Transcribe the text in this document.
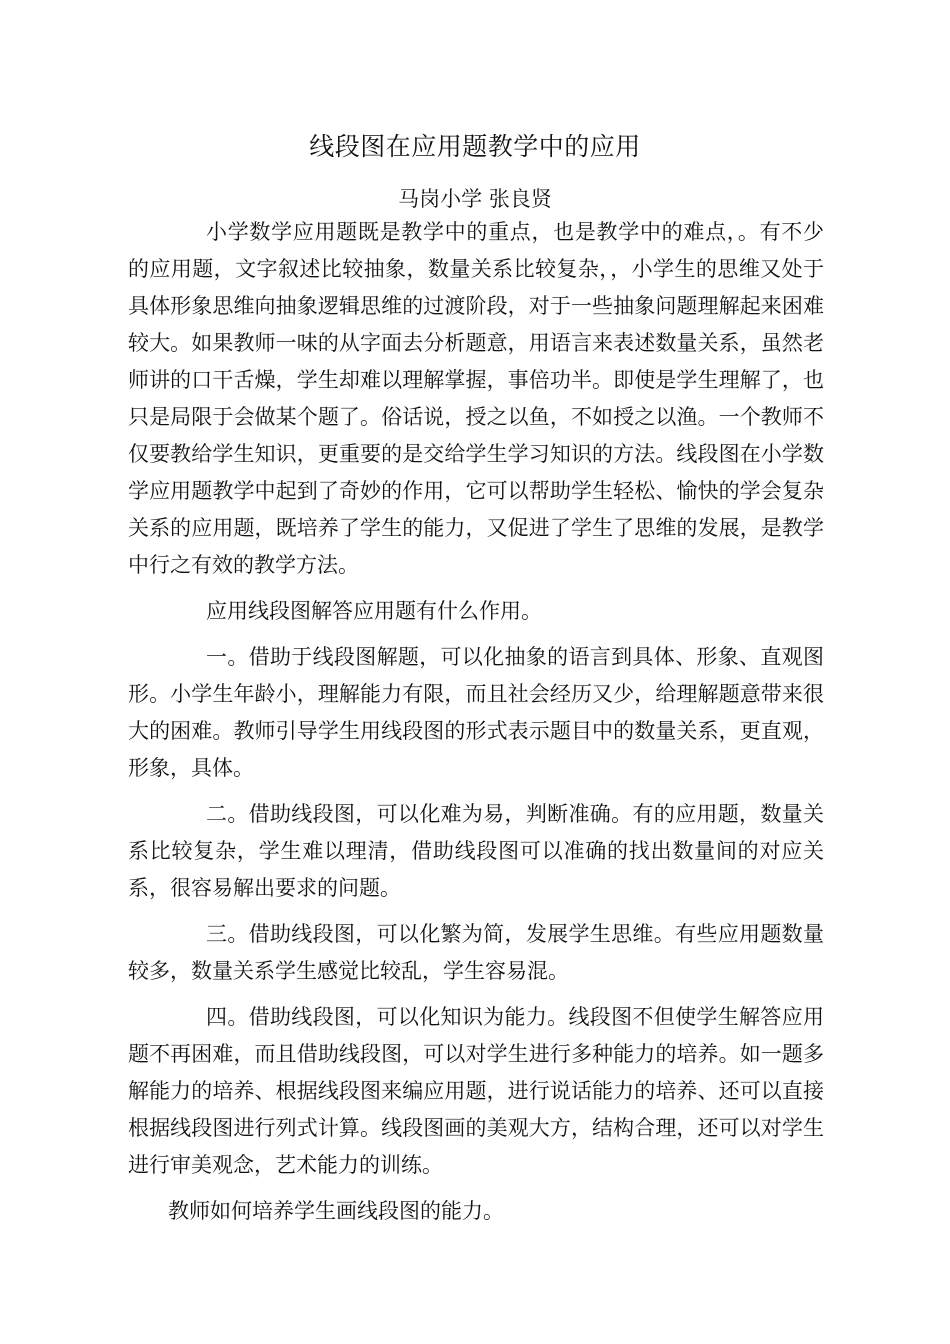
线段图在应用题教学中的应用
马岗小学 张良贤

小学数学应用题既是教学中的重点，也是教学中的难点，。有不少的应用题，文字叙述比较抽象，数量关系比较复杂，，小学生的思维又处于具体形象思维向抽象逻辑思维的过渡阶段，对于一些抽象问题理解起来困难较大。如果教师一味的从字面去分析题意，用语言来表述数量关系，虽然老师讲的口干舌燥，学生却难以理解掌握，事倍功半。即使是学生理解了，也只是局限于会做某个题了。俗话说，授之以鱼，不如授之以渔。一个教师不仅要教给学生知识，更重要的是交给学生学习知识的方法。线段图在小学数学应用题教学中起到了奇妙的作用，它可以帮助学生轻松、愉快的学会复杂关系的应用题，既培养了学生的能力，又促进了学生了思维的发展，是教学中行之有效的教学方法。

应用线段图解答应用题有什么作用。

一。借助于线段图解题，可以化抽象的语言到具体、形象、直观图形。小学生年龄小，理解能力有限，而且社会经历又少，给理解题意带来很大的困难。教师引导学生用线段图的形式表示题目中的数量关系，更直观，形象，具体。

二。借助线段图，可以化难为易，判断准确。有的应用题，数量关系比较复杂，学生难以理清，借助线段图可以准确的找出数量间的对应关系，很容易解出要求的问题。

三。借助线段图，可以化繁为简，发展学生思维。有些应用题数量较多，数量关系学生感觉比较乱，学生容易混。

四。借助线段图，可以化知识为能力。线段图不但使学生解答应用题不再困难，而且借助线段图，可以对学生进行多种能力的培养。如一题多解能力的培养、根据线段图来编应用题，进行说话能力的培养、还可以直接根据线段图进行列式计算。线段图画的美观大方，结构合理，还可以对学生进行审美观念，艺术能力的训练。

教师如何培养学生画线段图的能力。
